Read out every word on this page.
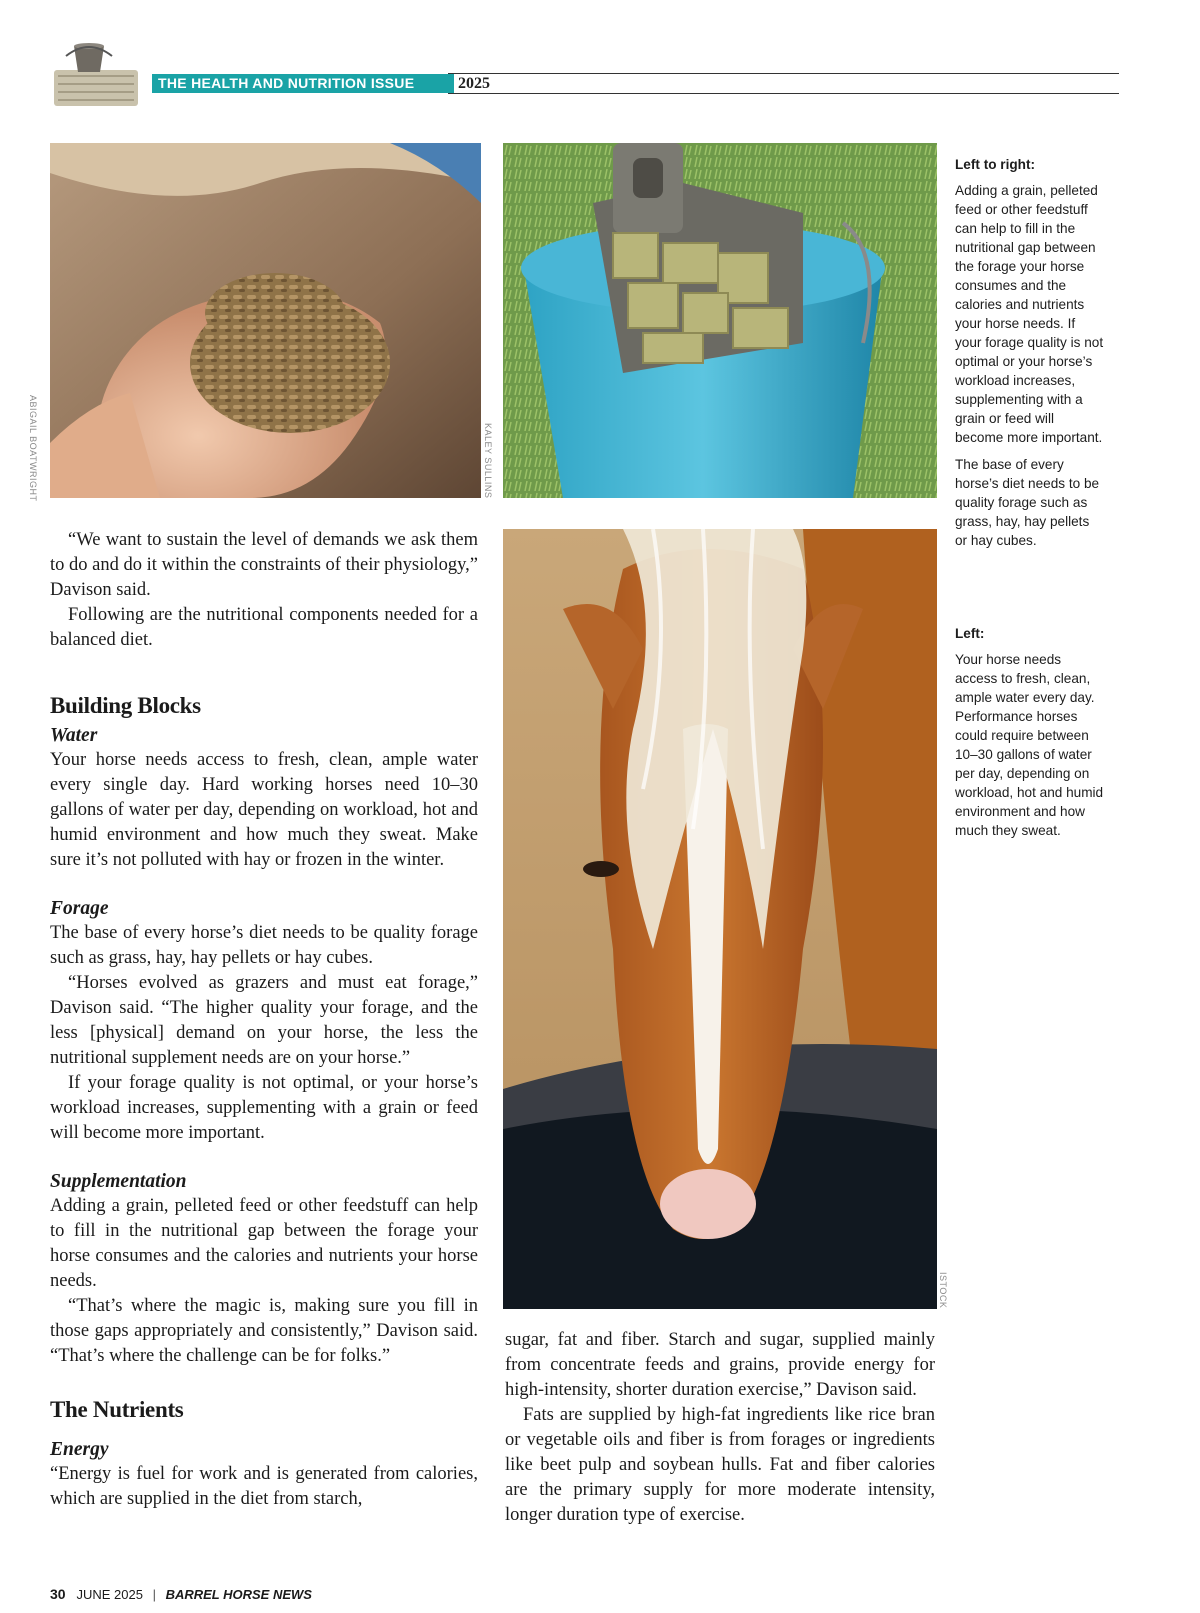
THE HEALTH AND NUTRITION ISSUE	2025
ABIGAIL BOATWRIGHT	KALEY SULLINS
ISTOCK
Left to right:
Adding a grain, pelleted feed or other feedstuff can help to fill in the nutritional gap between the forage your horse consumes and the calories and nutrients your horse needs. If your forage quality is not optimal or your horse’s workload increases, supplementing with a grain or feed will become more important.
The base of every horse’s diet needs to be quality forage such as grass, hay, hay pellets or hay cubes.
Left:
Your horse needs access to fresh, clean, ample water every day. Performance horses could require between 10–30 gallons of water per day, depending on workload, hot and humid environment and how much they sweat.

“We want to sustain the level of demands we ask them to do and do it within the constraints of their physiology,” Davison said.

Following are the nutritional components needed for a balanced diet.

Building Blocks
Water

Your horse needs access to fresh, clean, ample water every single day. Hard working horses need 10–30 gallons of water per day, depending on workload, hot and humid environment and how much they sweat. Make sure it’s not polluted with hay or frozen in the winter.

Forage

The base of every horse’s diet needs to be quality forage such as grass, hay, hay pellets or hay cubes.

“Horses evolved as grazers and must eat forage,” Davison said. “The higher quality your forage, and the less [physical] demand on your horse, the less the nutritional supplement needs are on your horse.”

If your forage quality is not optimal, or your horse’s workload increases, supplementing with a grain or feed will become more important.

Supplementation

Adding a grain, pelleted feed or other feedstuff can help to fill in the nutritional gap between the forage your horse consumes and the calories and nutrients your horse needs.

“That’s where the magic is, making sure you fill in those gaps appropriately and consistently,” Davison said. “That’s where the challenge can be for folks.”

The Nutrients
Energy

“Energy is fuel for work and is generated from calories, which are supplied in the diet from starch,

sugar, fat and fiber. Starch and sugar, supplied mainly from concentrate feeds and grains, provide energy for high-intensity, shorter duration exercise,” Davison said.

Fats are supplied by high-fat ingredients like rice bran or vegetable oils and fiber is from forages or ingredients like beet pulp and soybean hulls. Fat and fiber calories are the primary supply for more moderate intensity, longer duration type of exercise.

30 JUNE 2025 | BARREL HORSE NEWS
